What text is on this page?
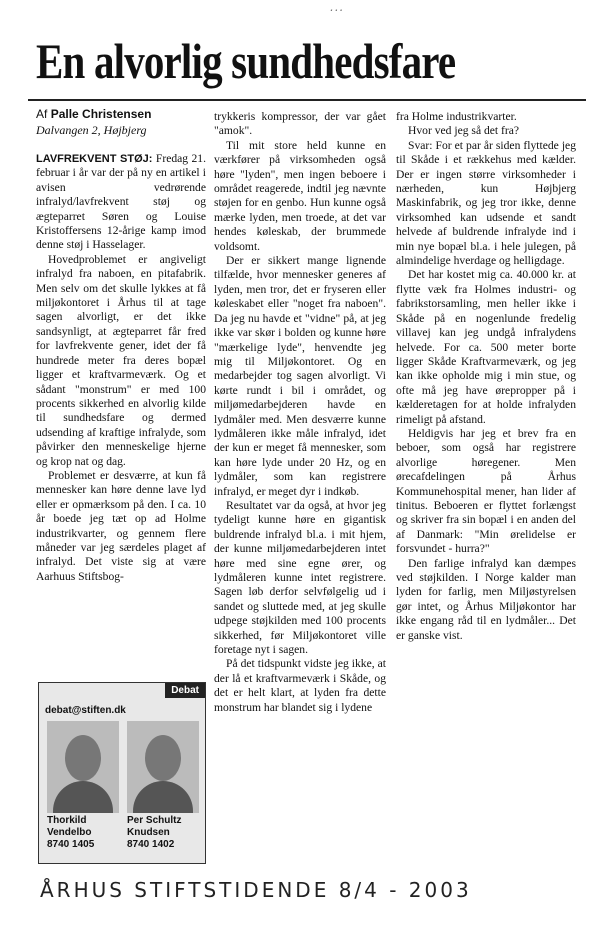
...
En alvorlig sundhedsfare
Af Palle Christensen
Dalvangen 2, Højbjerg

LAVFREKVENT STØJ: Fredag 21. februar i år var der på ny en artikel i avisen vedrørende infralyd/lavfrekvent støj og ægteparret Søren og Louise Kristoffersens 12-årige kamp imod denne støj i Hasselager.

Hovedproblemet er angiveligt infralyd fra naboen, en pitafabrik. Men selv om det skulle lykkes at få miljøkontoret i Århus til at tage sagen alvorligt, er det ikke sandsynligt, at ægteparret får fred for lavfrekvente gener, idet der få hundrede meter fra deres bopæl ligger et kraftvarmeværk. Og et sådant "monstrum" er med 100 procents sikkerhed en alvorlig kilde til sundhedsfare og dermed udsending af kraftige infralyde, som påvirker den menneskelige hjerne og krop nat og dag.

Problemet er desværre, at kun få mennesker kan høre denne lave lyd eller er opmærksom på den. I ca. 10 år boede jeg tæt op ad Holme industrikvarter, og gennem flere måneder var jeg særdeles plaget af infralyd. Det viste sig at være Aarhuus Stiftsbog-

trykkeris kompressor, der var gået "amok".

Til mit store held kunne en værkfører på virksomheden også høre "lyden", men ingen beboere i området reagerede, indtil jeg nævnte støjen for en genbo. Hun kunne også mærke lyden, men troede, at det var hendes køleskab, der brummede voldsomt.

Der er sikkert mange lignende tilfælde, hvor mennesker generes af lyden, men tror, det er fryseren eller køleskabet eller "noget fra naboen". Da jeg nu havde et "vidne" på, at jeg ikke var skør i bolden og kunne høre "mærkelige lyde", henvendte jeg mig til Miljøkontoret. Og en medarbejder tog sagen alvorligt. Vi kørte rundt i bil i området, og miljømedarbejderen havde en lydmåler med. Men desværre kunne lydmåleren ikke måle infralyd, idet der kun er meget få mennesker, som kan høre lyde under 20 Hz, og en lydmåler, som kan registrere infralyd, er meget dyr i indkøb.

Resultatet var da også, at hvor jeg tydeligt kunne høre en gigantisk buldrende infralyd bl.a. i mit hjem, der kunne miljømedarbejderen intet høre med sine egne ører, og lydmåleren kunne intet registrere. Sagen løb derfor selvfølgelig ud i sandet og sluttede med, at jeg skulle udpege støjkilden med 100 procents sikkerhed, før Miljøkontoret ville foretage nyt i sagen.

På det tidspunkt vidste jeg ikke, at der lå et kraftvarmeværk i Skåde, og det er helt klart, at lyden fra dette monstrum har blandet sig i lydene

fra Holme industrikvarter.

Hvor ved jeg så det fra?

Svar: For et par år siden flyttede jeg til Skåde i et rækkehus med kælder. Der er ingen større virksomheder i nærheden, kun Højbjerg Maskinfabrik, og jeg tror ikke, denne virksomhed kan udsende et sandt helvede af buldrende infralyde ind i min nye bopæl bl.a. i hele julegen, på almindelige hverdage og helligdage.

Det har kostet mig ca. 40.000 kr. at flytte væk fra Holmes industri- og fabrikstorsamling, men heller ikke i Skåde på en nogenlunde fredelig villavej kan jeg undgå infralydens helvede. For ca. 500 meter borte ligger Skåde Kraftvarmeværk, og jeg kan ikke opholde mig i min stue, og ofte må jeg have ørepropper på i kælderetagen for at holde infralyden rimeligt på afstand.

Heldigvis har jeg et brev fra en beboer, som også har registrere alvorlige høregener. Men ørecafdelingen på Århus Kommunehospital mener, han lider af tinitus. Beboeren er flyttet forlængst og skriver fra sin bopæl i en anden del af Danmark: "Min ørelidelse er forsvundet - hurra?"

Den farlige infralyd kan dæmpes ved støjkilden. I Norge kalder man lyden for farlig, men Miljøstyrelsen gør intet, og Århus Miljøkontor har ikke engang råd til en lydmåler... Det er ganske vist.

Debat
debat@stiften.dk
Thorkild Vendelbo
8740 1405
Per Schultz Knudsen
8740 1402
ÅRHUS STIFTSTIDENDE 8/4 - 2003
